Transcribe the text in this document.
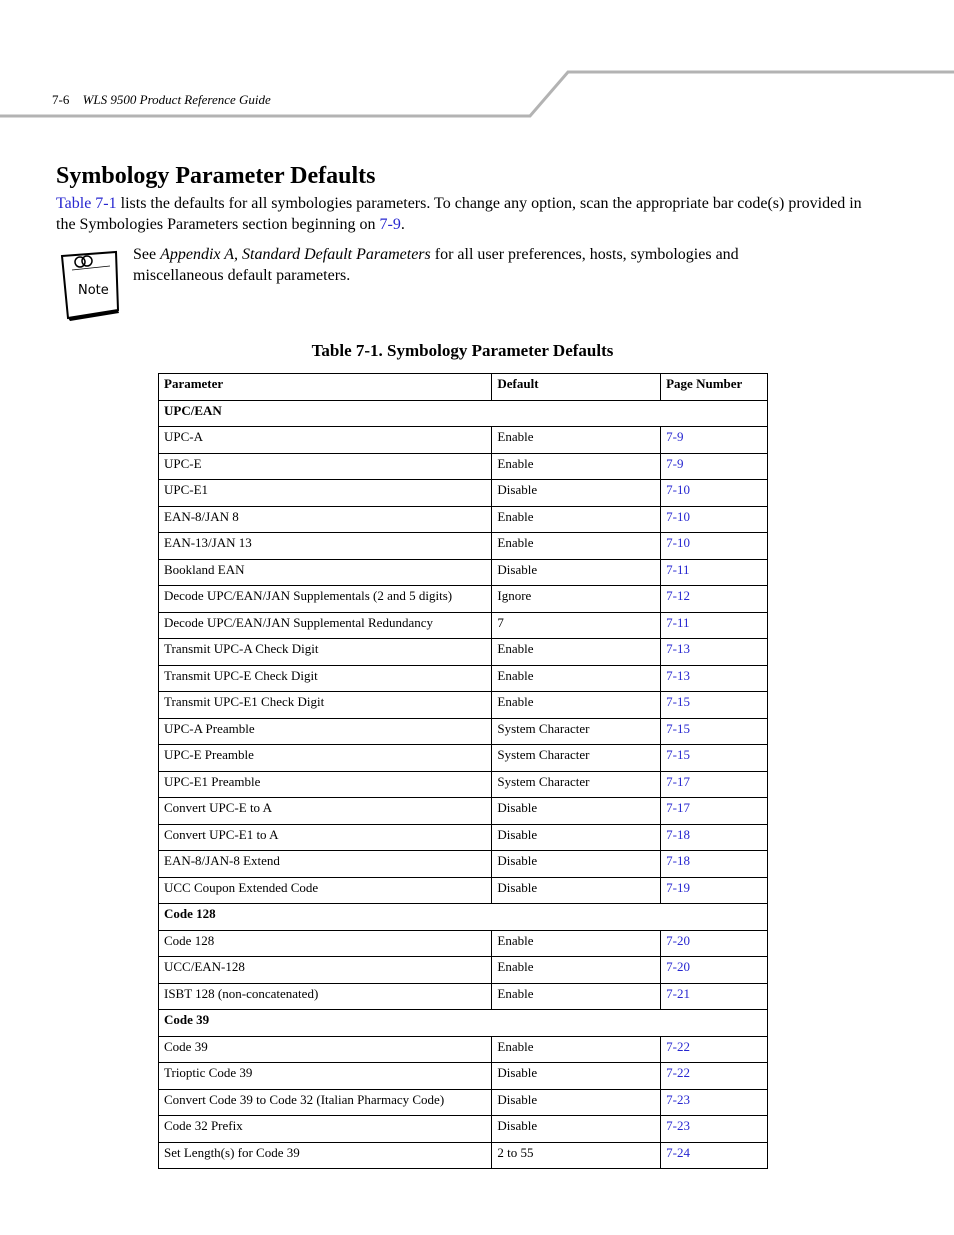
7-6 WLS 9500 Product Reference Guide
Symbology Parameter Defaults

Table 7-1 lists the defaults for all symbologies parameters. To change any option, scan the appropriate bar code(s) provided in the Symbologies Parameters section beginning on 7-9.

Note

See Appendix A, Standard Default Parameters for all user preferences, hosts, symbologies and miscellaneous default parameters.

Table 7-1. Symbology Parameter Defaults

Parameter	Default	Page Number
UPC/EAN		
UPC-A	Enable	7-9
UPC-E	Enable	7-9
UPC-E1	Disable	7-10
EAN-8/JAN 8	Enable	7-10
EAN-13/JAN 13	Enable	7-10
Bookland EAN	Disable	7-11
Decode UPC/EAN/JAN Supplementals (2 and 5 digits)	Ignore	7-12
Decode UPC/EAN/JAN Supplemental Redundancy	7	7-11
Transmit UPC-A Check Digit	Enable	7-13
Transmit UPC-E Check Digit	Enable	7-13
Transmit UPC-E1 Check Digit	Enable	7-15
UPC-A Preamble	System Character	7-15
UPC-E Preamble	System Character	7-15
UPC-E1 Preamble	System Character	7-17
Convert UPC-E to A	Disable	7-17
Convert UPC-E1 to A	Disable	7-18
EAN-8/JAN-8 Extend	Disable	7-18
UCC Coupon Extended Code	Disable	7-19
Code 128		
Code 128	Enable	7-20
UCC/EAN-128	Enable	7-20
ISBT 128 (non-concatenated)	Enable	7-21
Code 39		
Code 39	Enable	7-22
Trioptic Code 39	Disable	7-22
Convert Code 39 to Code 32 (Italian Pharmacy Code)	Disable	7-23
Code 32 Prefix	Disable	7-23
Set Length(s) for Code 39	2 to 55	7-24
